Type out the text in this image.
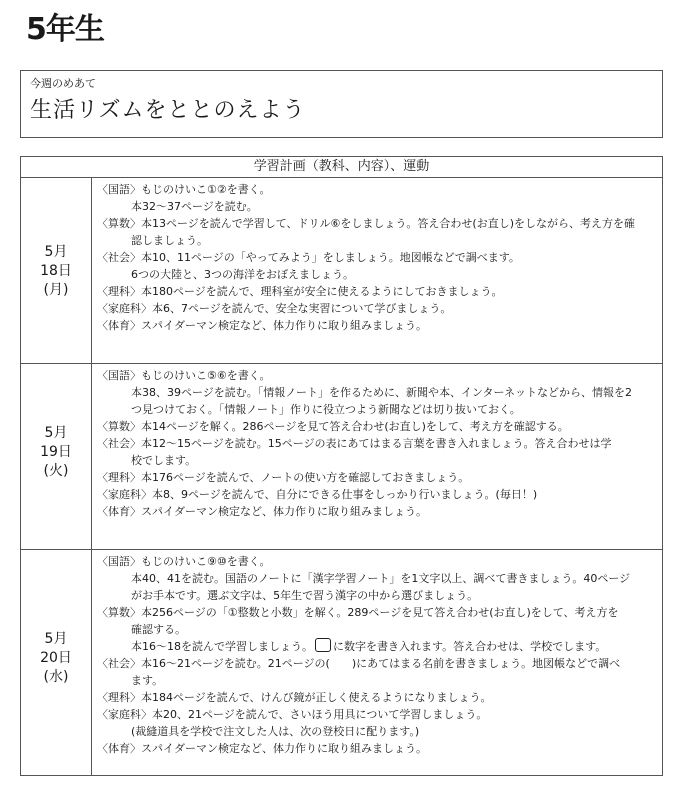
5年生
今週のめあて
生活リズムをととのえよう
学習計画（教科、内容）、運動
5月
18日
(月)
〈国語〉もじのけいこ①②を書く。
本32～37ページを読む。
〈算数〉本13ページを読んで学習して、ドリル⑥をしましょう。答え合わせ(お直し)をしながら、考え方を確
認しましょう。
〈社会〉本10、11ページの「やってみよう」をしましょう。地図帳などで調べます。
6つの大陸と、3つの海洋をおぼえましょう。
〈理科〉本180ページを読んで、理科室が安全に使えるようにしておきましょう。
〈家庭科〉本6、7ページを読んで、安全な実習について学びましょう。
〈体育〉スパイダーマン検定など、体力作りに取り組みましょう。
5月
19日
(火)
〈国語〉もじのけいこ⑤⑥を書く。
本38、39ページを読む。「情報ノート」を作るために、新聞や本、インターネットなどから、情報を2
つ見つけておく。「情報ノート」作りに役立つよう新聞などは切り抜いておく。
〈算数〉本14ページを解く。286ページを見て答え合わせ(お直し)をして、考え方を確認する。
〈社会〉本12～15ページを読む。15ページの表にあてはまる言葉を書き入れましょう。答え合わせは学
校でします。
〈理科〉本176ページを読んで、ノートの使い方を確認しておきましょう。
〈家庭科〉本8、9ページを読んで、自分にできる仕事をしっかり行いましょう。(毎日！)
〈体育〉スパイダーマン検定など、体力作りに取り組みましょう。
5月
20日
(水)
〈国語〉もじのけいこ⑨⑩を書く。
本40、41を読む。国語のノートに「漢字学習ノート」を1文字以上、調べて書きましょう。40ページ
がお手本です。選ぶ文字は、5年生で習う漢字の中から選びましょう。
〈算数〉本256ページの「①整数と小数」を解く。289ページを見て答え合わせ(お直し)をして、考え方を
確認する。
本16～18を読んで学習しましょう。 に数字を書き入れます。答え合わせは、学校でします。
〈社会〉本16～21ページを読む。21ページの(　　)にあてはまる名前を書きましょう。地図帳などで調べ
ます。
〈理科〉本184ページを読んで、けんび鏡が正しく使えるようになりましょう。
〈家庭科〉本20、21ページを読んで、さいほう用具について学習しましょう。
(裁縫道具を学校で注文した人は、次の登校日に配ります。)
〈体育〉スパイダーマン検定など、体力作りに取り組みましょう。
